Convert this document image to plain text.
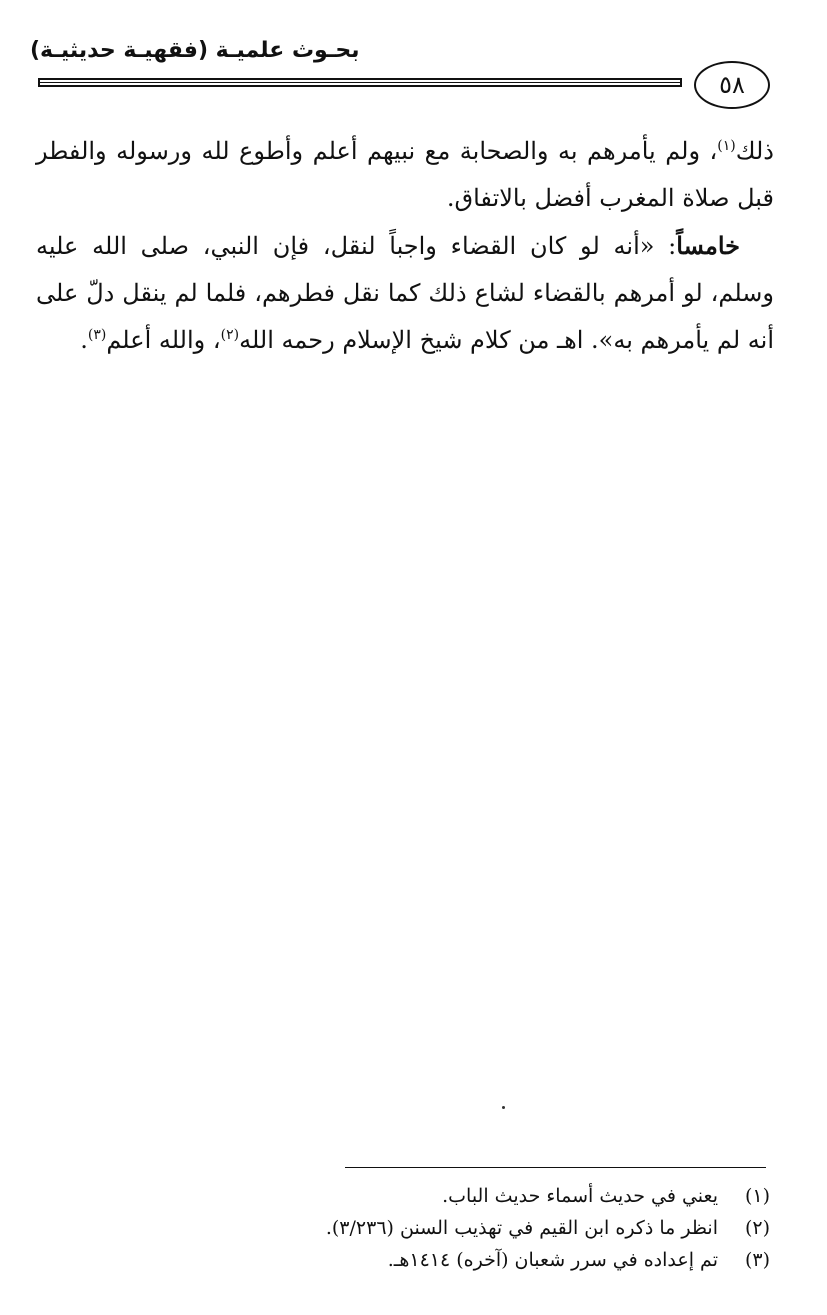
بحـوث علميـة (فقهيـة حديثيـة)
٥٨

ذلك$^{(١)}$، ولم يأمرهم به والصحابة مع نبيهم أعلم وأطوع لله ورسوله والفطر قبل صلاة المغرب أفضل بالاتفاق.

خامساً: «أنه لو كان القضاء واجباً لنقل، فإن النبي، صلى الله عليه وسلم، لو أمرهم بالقضاء لشاع ذلك كما نقل فطرهم، فلما لم ينقل دلّ على أنه لم يأمرهم به». اهـ من كلام شيخ الإسلام رحمه الله$^{(٢)}$، والله أعلم$^{(٣)}$.

(١)
يعني في حديث أسماء حديث الباب.
(٢)
انظر ما ذكره ابن القيم في تهذيب السنن (٣/٢٣٦).
(٣)
تم إعداده في سرر شعبان (آخره) ١٤١٤هـ.
